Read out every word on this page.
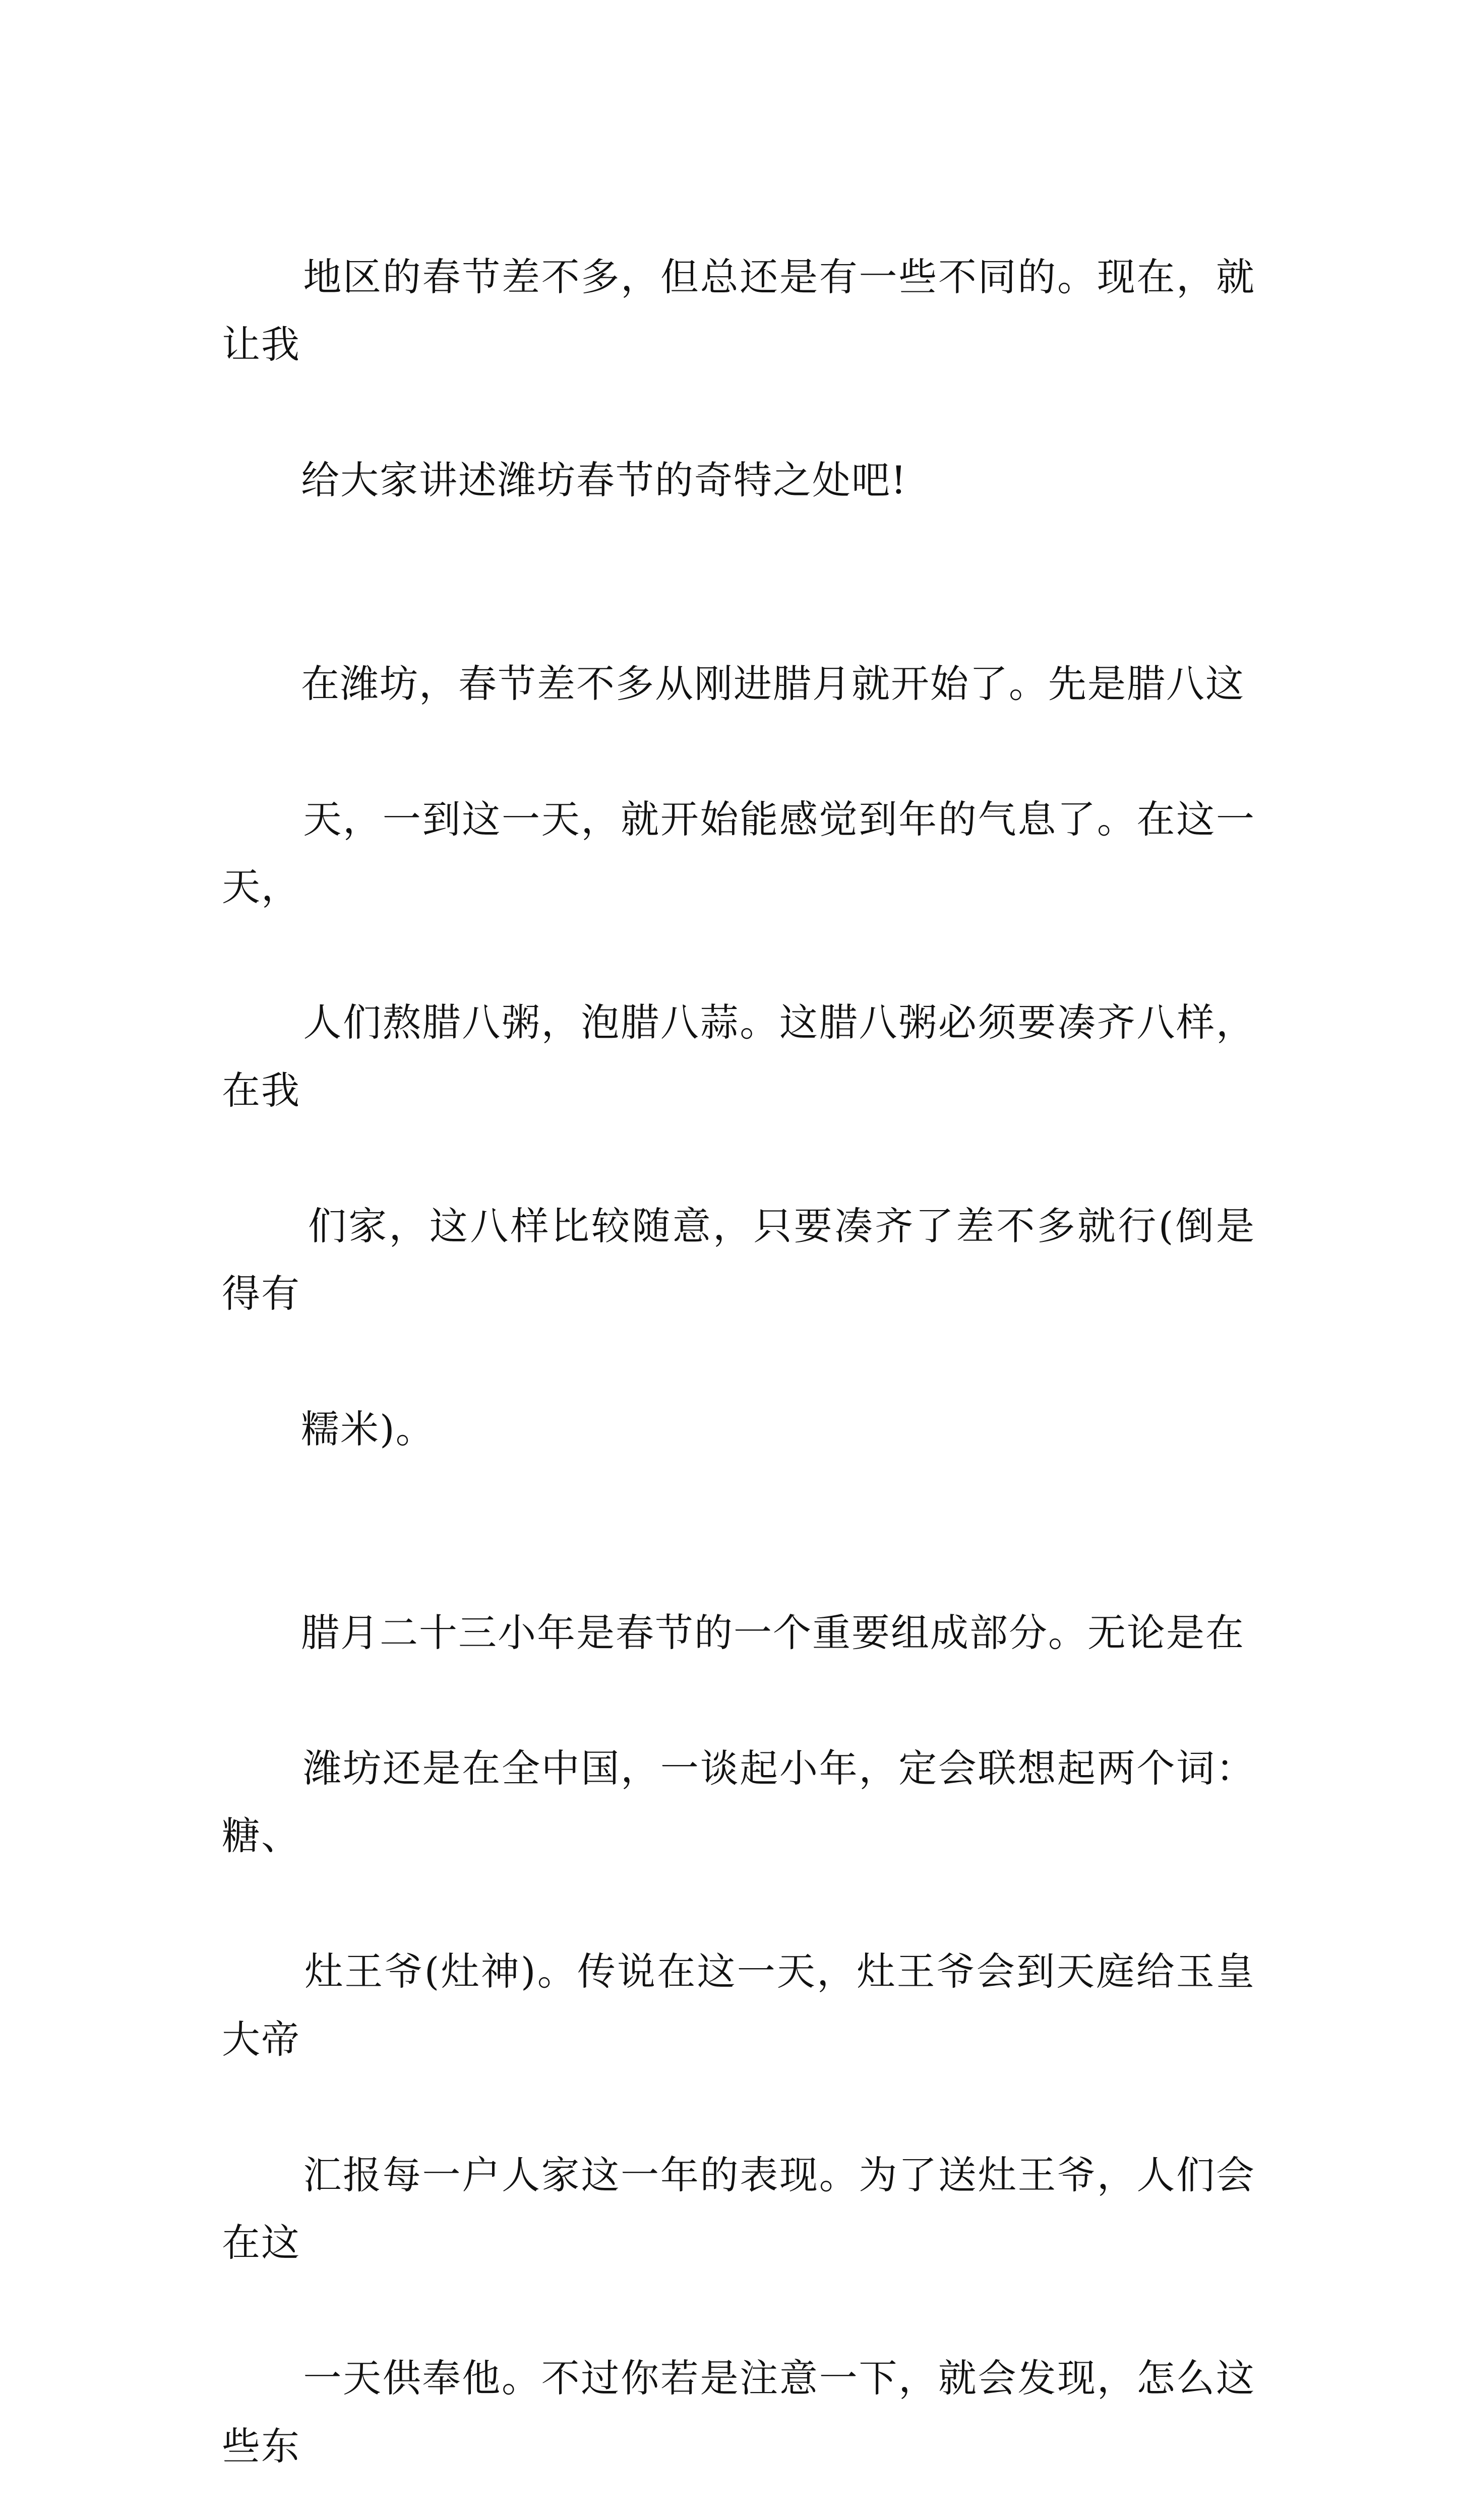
地区的春节差不多，但总还是有一些不同的。现在，就让我

给大家讲述潍坊春节的奇特之处吧!

在潍坊，春节差不多从刚进腊月就开始了。先是腊八这

天，一到这一天，就开始能感觉到年的气息了。在这一天，

人们熬腊八粥，泡腊八蒜。这腊八粥必须要凑齐八样，在我

们家，这八样比较随意，只要凑齐了差不多就行(倒是得有

糯米)。

腊月二十三小年是春节的一个重要组成部分。无论是在

潍坊还是在全中国，一谈起小年，定会联想起两个词：糖、

灶王爷(灶神)。传说在这一天，灶王爷会到天庭给玉皇大帝

汇报每一户人家这一年的表现。为了送灶王爷，人们会在这

一天供奉他。不过你若是注意一下，就会发现，怎么这些东
